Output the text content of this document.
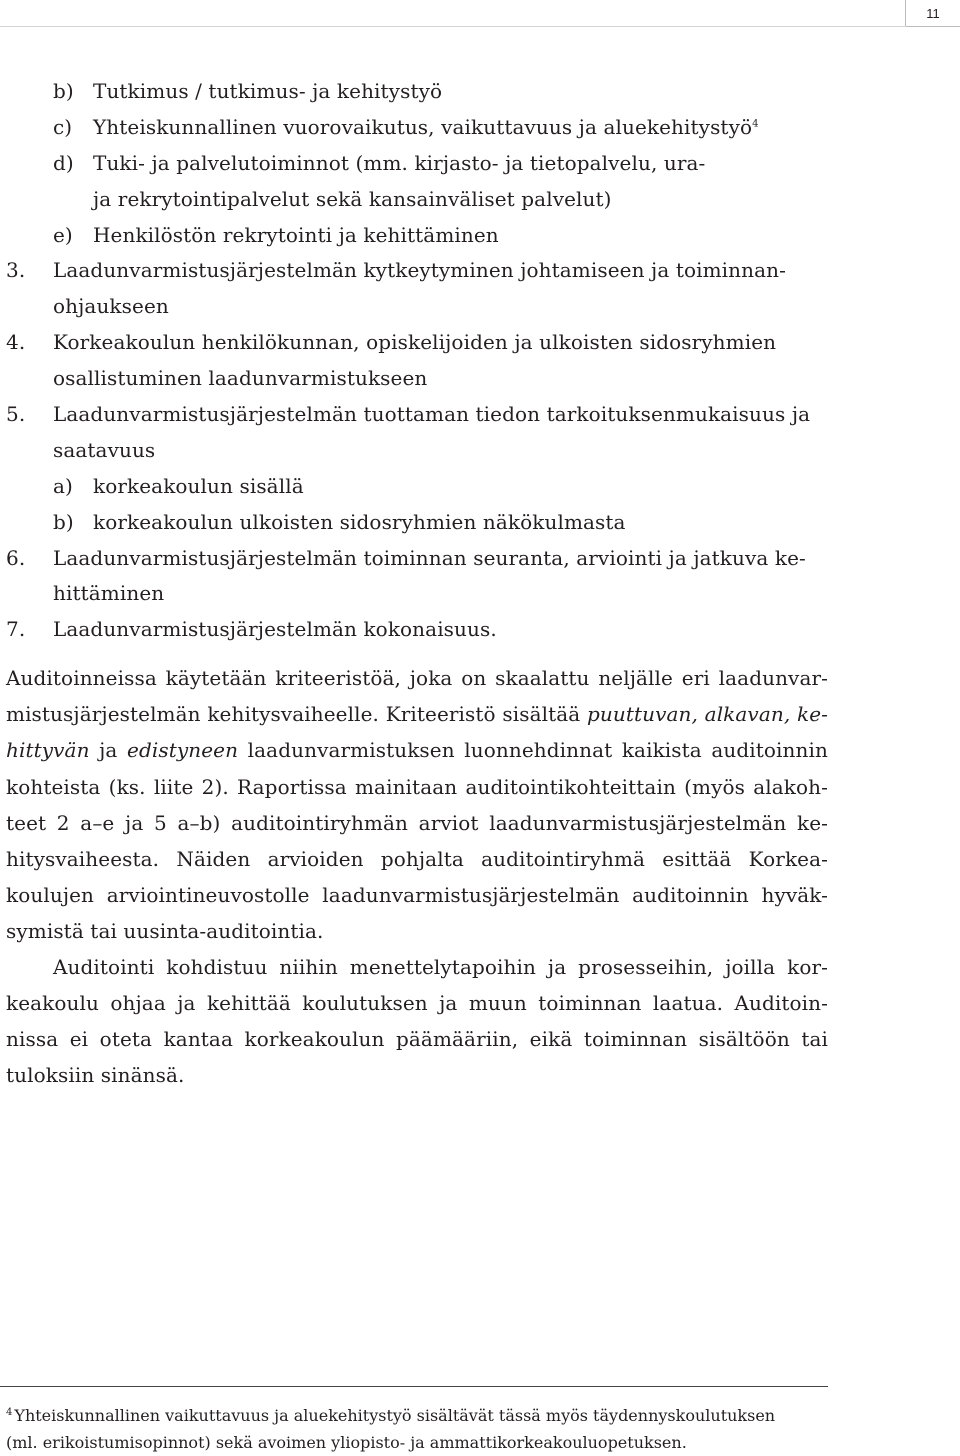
11
b) Tutkimus / tutkimus- ja kehitystyö
c) Yhteiskunnallinen vuorovaikutus, vaikuttavuus ja aluekehitystyö$^4$
d) Tuki- ja palvelutoiminnot (mm. kirjasto- ja tietopalvelu, ura-
ja rekrytointipalvelut sekä kansainväliset palvelut)
e) Henkilöstön rekrytointi ja kehittäminen
3. Laadunvarmistusjärjestelmän kytkeytyminen johtamiseen ja toiminnan-
ohjaukseen
4. Korkeakoulun henkilökunnan, opiskelijoiden ja ulkoisten sidosryhmien
osallistuminen laadunvarmistukseen
5. Laadunvarmistusjärjestelmän tuottaman tiedon tarkoituksenmukaisuus ja
saatavuus
a) korkeakoulun sisällä
b) korkeakoulun ulkoisten sidosryhmien näkökulmasta
6. Laadunvarmistusjärjestelmän toiminnan seuranta, arviointi ja jatkuva ke-
hittäminen
7. Laadunvarmistusjärjestelmän kokonaisuus.

Auditoinneissa käytetään kriteeristöä, joka on skaalattu neljälle eri laadunvar-
mistusjärjestelmän kehitysvaiheelle. Kriteeristö sisältää puuttuvan, alkavan, ke-
hittyvän ja edistyneen laadunvarmistuksen luonnehdinnat kaikista auditoinnin
kohteista (ks. liite 2). Raportissa mainitaan auditointikohteittain (myös alakoh-
teet 2 a–e ja 5 a–b) auditointiryhmän arviot laadunvarmistusjärjestelmän ke-
hitysvaiheesta. Näiden arvioiden pohjalta auditointiryhmä esittää Korkea-
koulujen arviointineuvostolle laadunvarmistusjärjestelmän auditoinnin hyväk-
symistä tai uusinta-auditointia.

Auditointi kohdistuu niihin menettelytapoihin ja prosesseihin, joilla kor-
keakoulu ohjaa ja kehittää koulutuksen ja muun toiminnan laatua. Auditoin-
nissa ei oteta kantaa korkeakoulun päämääriin, eikä toiminnan sisältöön tai
tuloksiin sinänsä.

$^4$ Yhteiskunnallinen vaikuttavuus ja aluekehitystyö sisältävät tässä myös täydennyskoulutuksen
(ml. erikoistumisopinnot) sekä avoimen yliopisto- ja ammattikorkeakouluopetuksen.
